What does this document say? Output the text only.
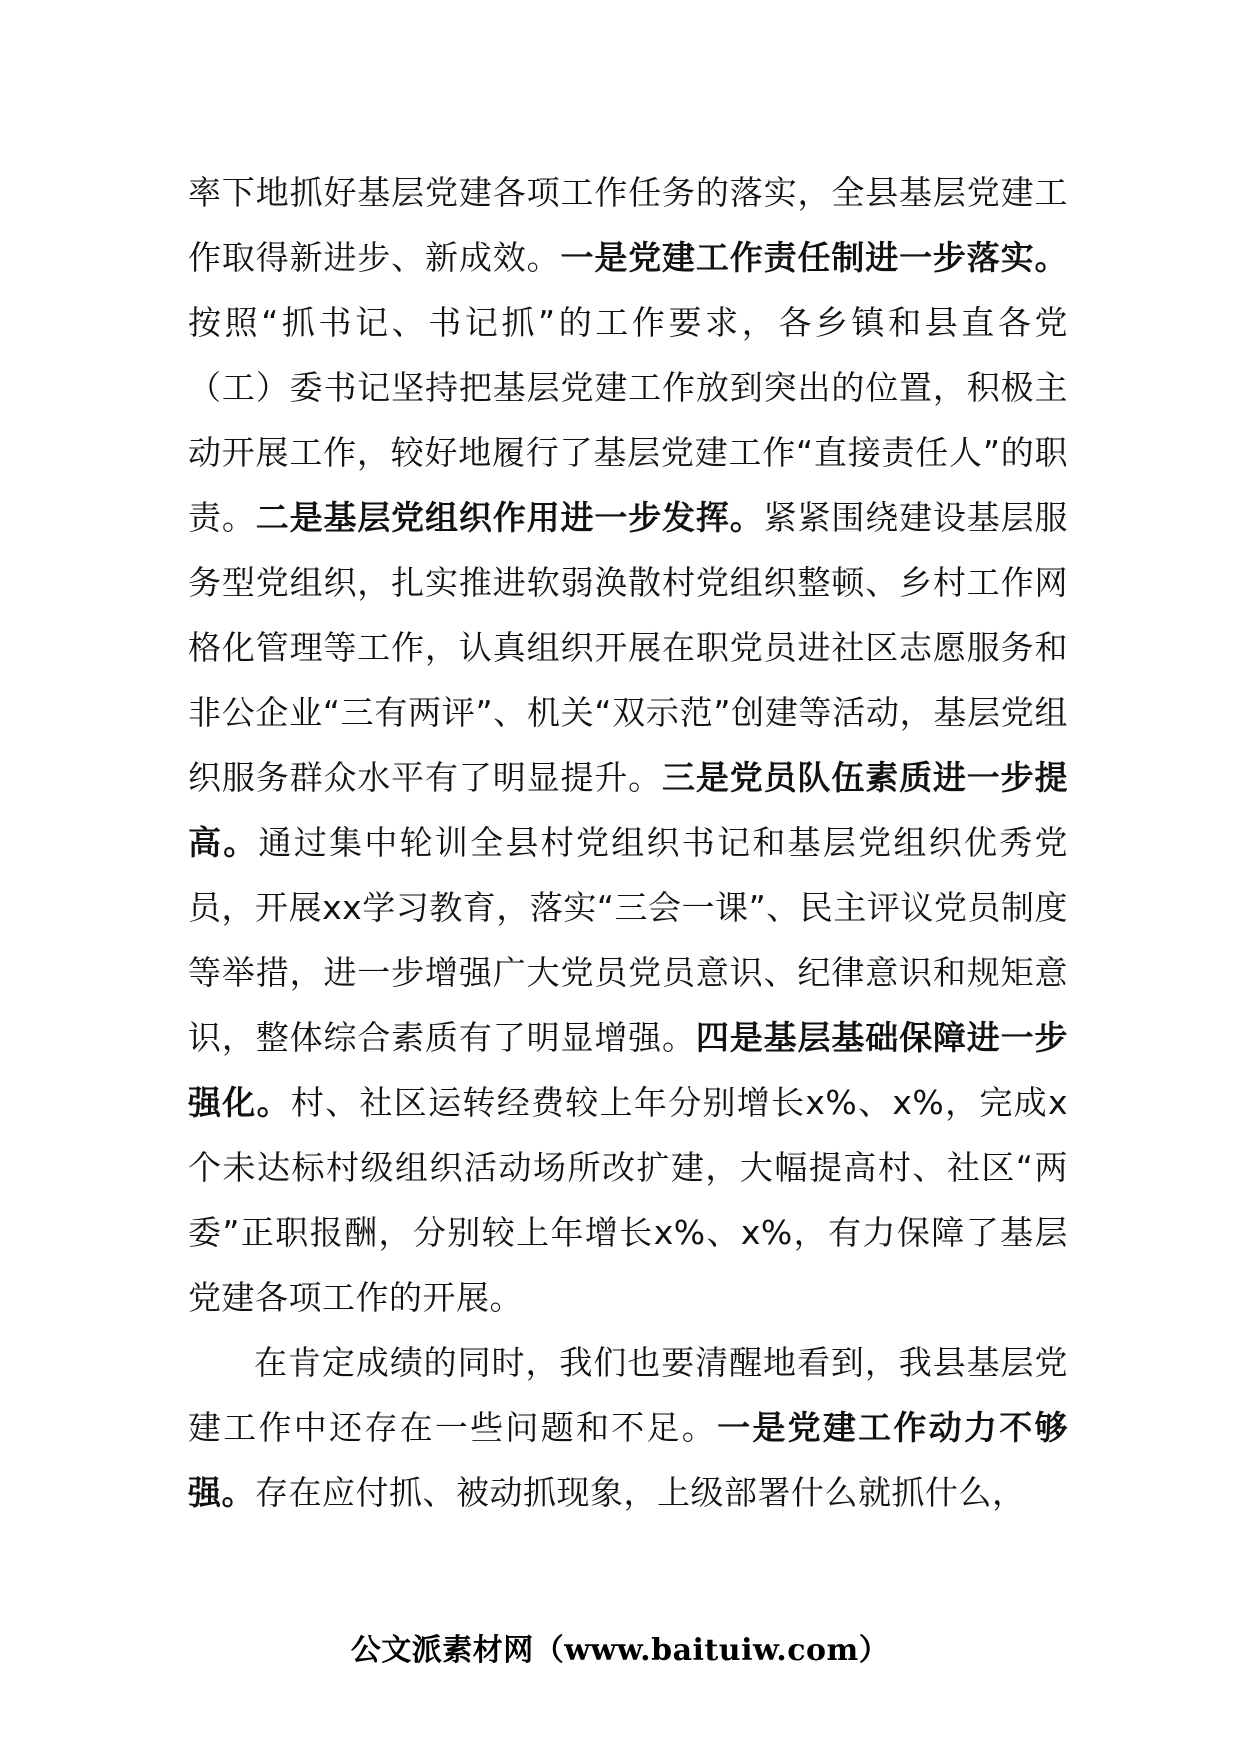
率下地抓好基层党建各项工作任务的落实，全县基层党建工作取得新进步、新成效。一是党建工作责任制进一步落实。按照“抓书记、书记抓”的工作要求，各乡镇和县直各党（工）委书记坚持把基层党建工作放到突出的位置，积极主动开展工作，较好地履行了基层党建工作“直接责任人”的职责。二是基层党组织作用进一步发挥。紧紧围绕建设基层服务型党组织，扎实推进软弱涣散村党组织整顿、乡村工作网格化管理等工作，认真组织开展在职党员进社区志愿服务和非公企业“三有两评”、机关“双示范”创建等活动，基层党组织服务群众水平有了明显提升。三是党员队伍素质进一步提高。通过集中轮训全县村党组织书记和基层党组织优秀党员，开展xx学习教育，落实“三会一课”、民主评议党员制度等举措，进一步增强广大党员党员意识、纪律意识和规矩意识，整体综合素质有了明显增强。四是基层基础保障进一步强化。村、社区运转经费较上年分别增长x%、x%，完成x个未达标村级组织活动场所改扩建，大幅提高村、社区“两委”正职报酬，分别较上年增长x%、x%，有力保障了基层党建各项工作的开展。

在肯定成绩的同时，我们也要清醒地看到，我县基层党建工作中还存在一些问题和不足。一是党建工作动力不够强。存在应付抓、被动抓现象，上级部署什么就抓什么，

公文派素材网（www.baituiw.com）
